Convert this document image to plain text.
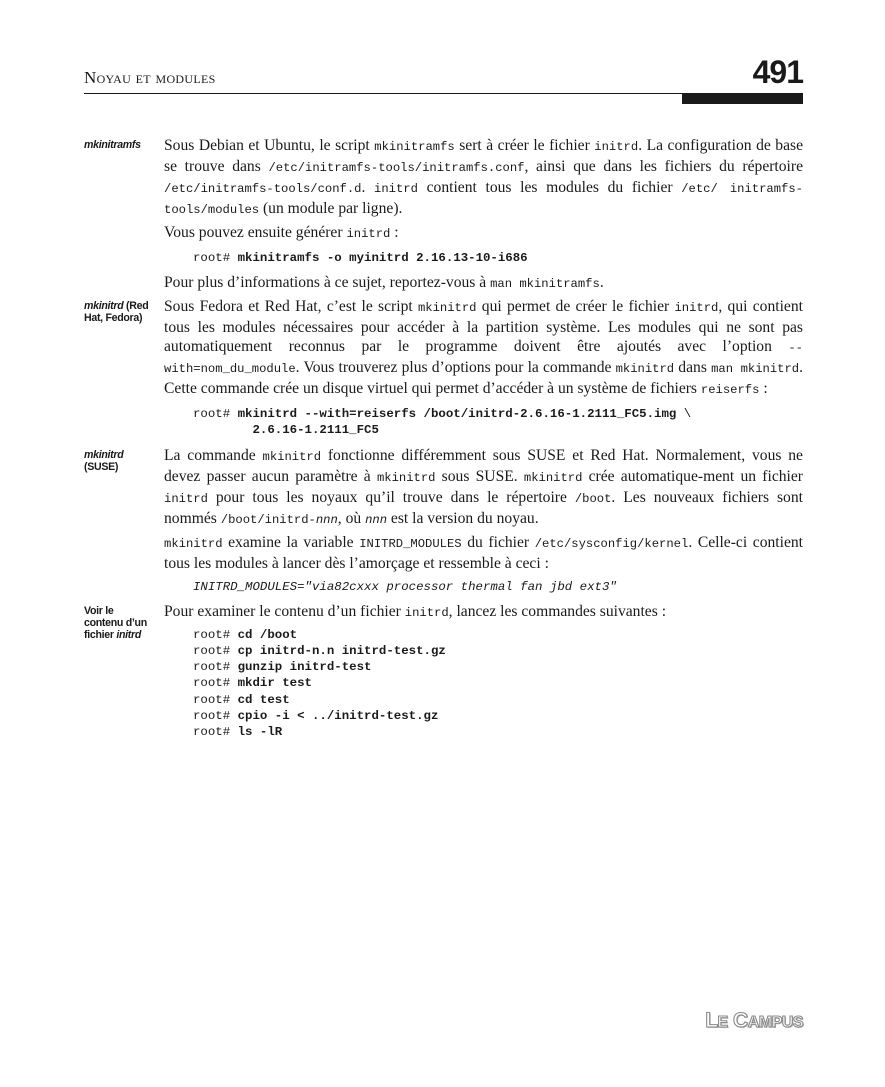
Noyau et modules	491
mkinitramfs	Sous Debian et Ubuntu, le script mkinitramfs sert à créer le fichier initrd. La configuration de base se trouve dans /etc/initramfs-tools/initramfs.conf, ainsi que dans les fichiers du répertoire /etc/initramfs-tools/conf.d. initrd contient tous les modules du fichier /etc/ initramfs-tools/modules (un module par ligne).

Vous pouvez ensuite générer initrd :

root# mkinitramfs -o myinitrd 2.16.13-10-i686

Pour plus d’informations à ce sujet, reportez-vous à man mkinitramfs.

mkinitrd (Red Hat, Fedora)

Sous Fedora et Red Hat, c’est le script mkinitrd qui permet de créer le fichier initrd, qui contient tous les modules nécessaires pour accéder à la partition système. Les modules qui ne sont pas automatiquement reconnus par le programme doivent être ajoutés avec l’option --with=nom_du_module. Vous trouverez plus d’options pour la commande mkinitrd dans man mkinitrd. Cette commande crée un disque virtuel qui permet d’accéder à un système de fichiers reiserfs :

root# mkinitrd --with=reiserfs /boot/initrd-2.6.16-1.2111_FC5.img \
2.6.16-1.2111_FC5
mkinitrd
(SUSE)

La commande mkinitrd fonctionne différemment sous SUSE et Red Hat. Normalement, vous ne devez passer aucun paramètre à mkinitrd sous SUSE. mkinitrd crée automatique-ment un fichier initrd pour tous les noyaux qu’il trouve dans le répertoire /boot. Les nouveaux fichiers sont nommés /boot/initrd-nnn, où nnn est la version du noyau.

mkinitrd examine la variable INITRD_MODULES du fichier /etc/sysconfig/kernel. Celle-ci contient tous les modules à lancer dès l’amorçage et ressemble à ceci :

INITRD_MODULES="via82cxxx processor thermal fan jbd ext3"
Voir le contenu d’un fichier initrd

Pour examiner le contenu d’un fichier initrd, lancez les commandes suivantes :

root# cd /boot
root# cp initrd-n.n initrd-test.gz
root# gunzip initrd-test
root# mkdir test
root# cd test
root# cpio -i < ../initrd-test.gz
root# ls -lR
LE CAMPUS
